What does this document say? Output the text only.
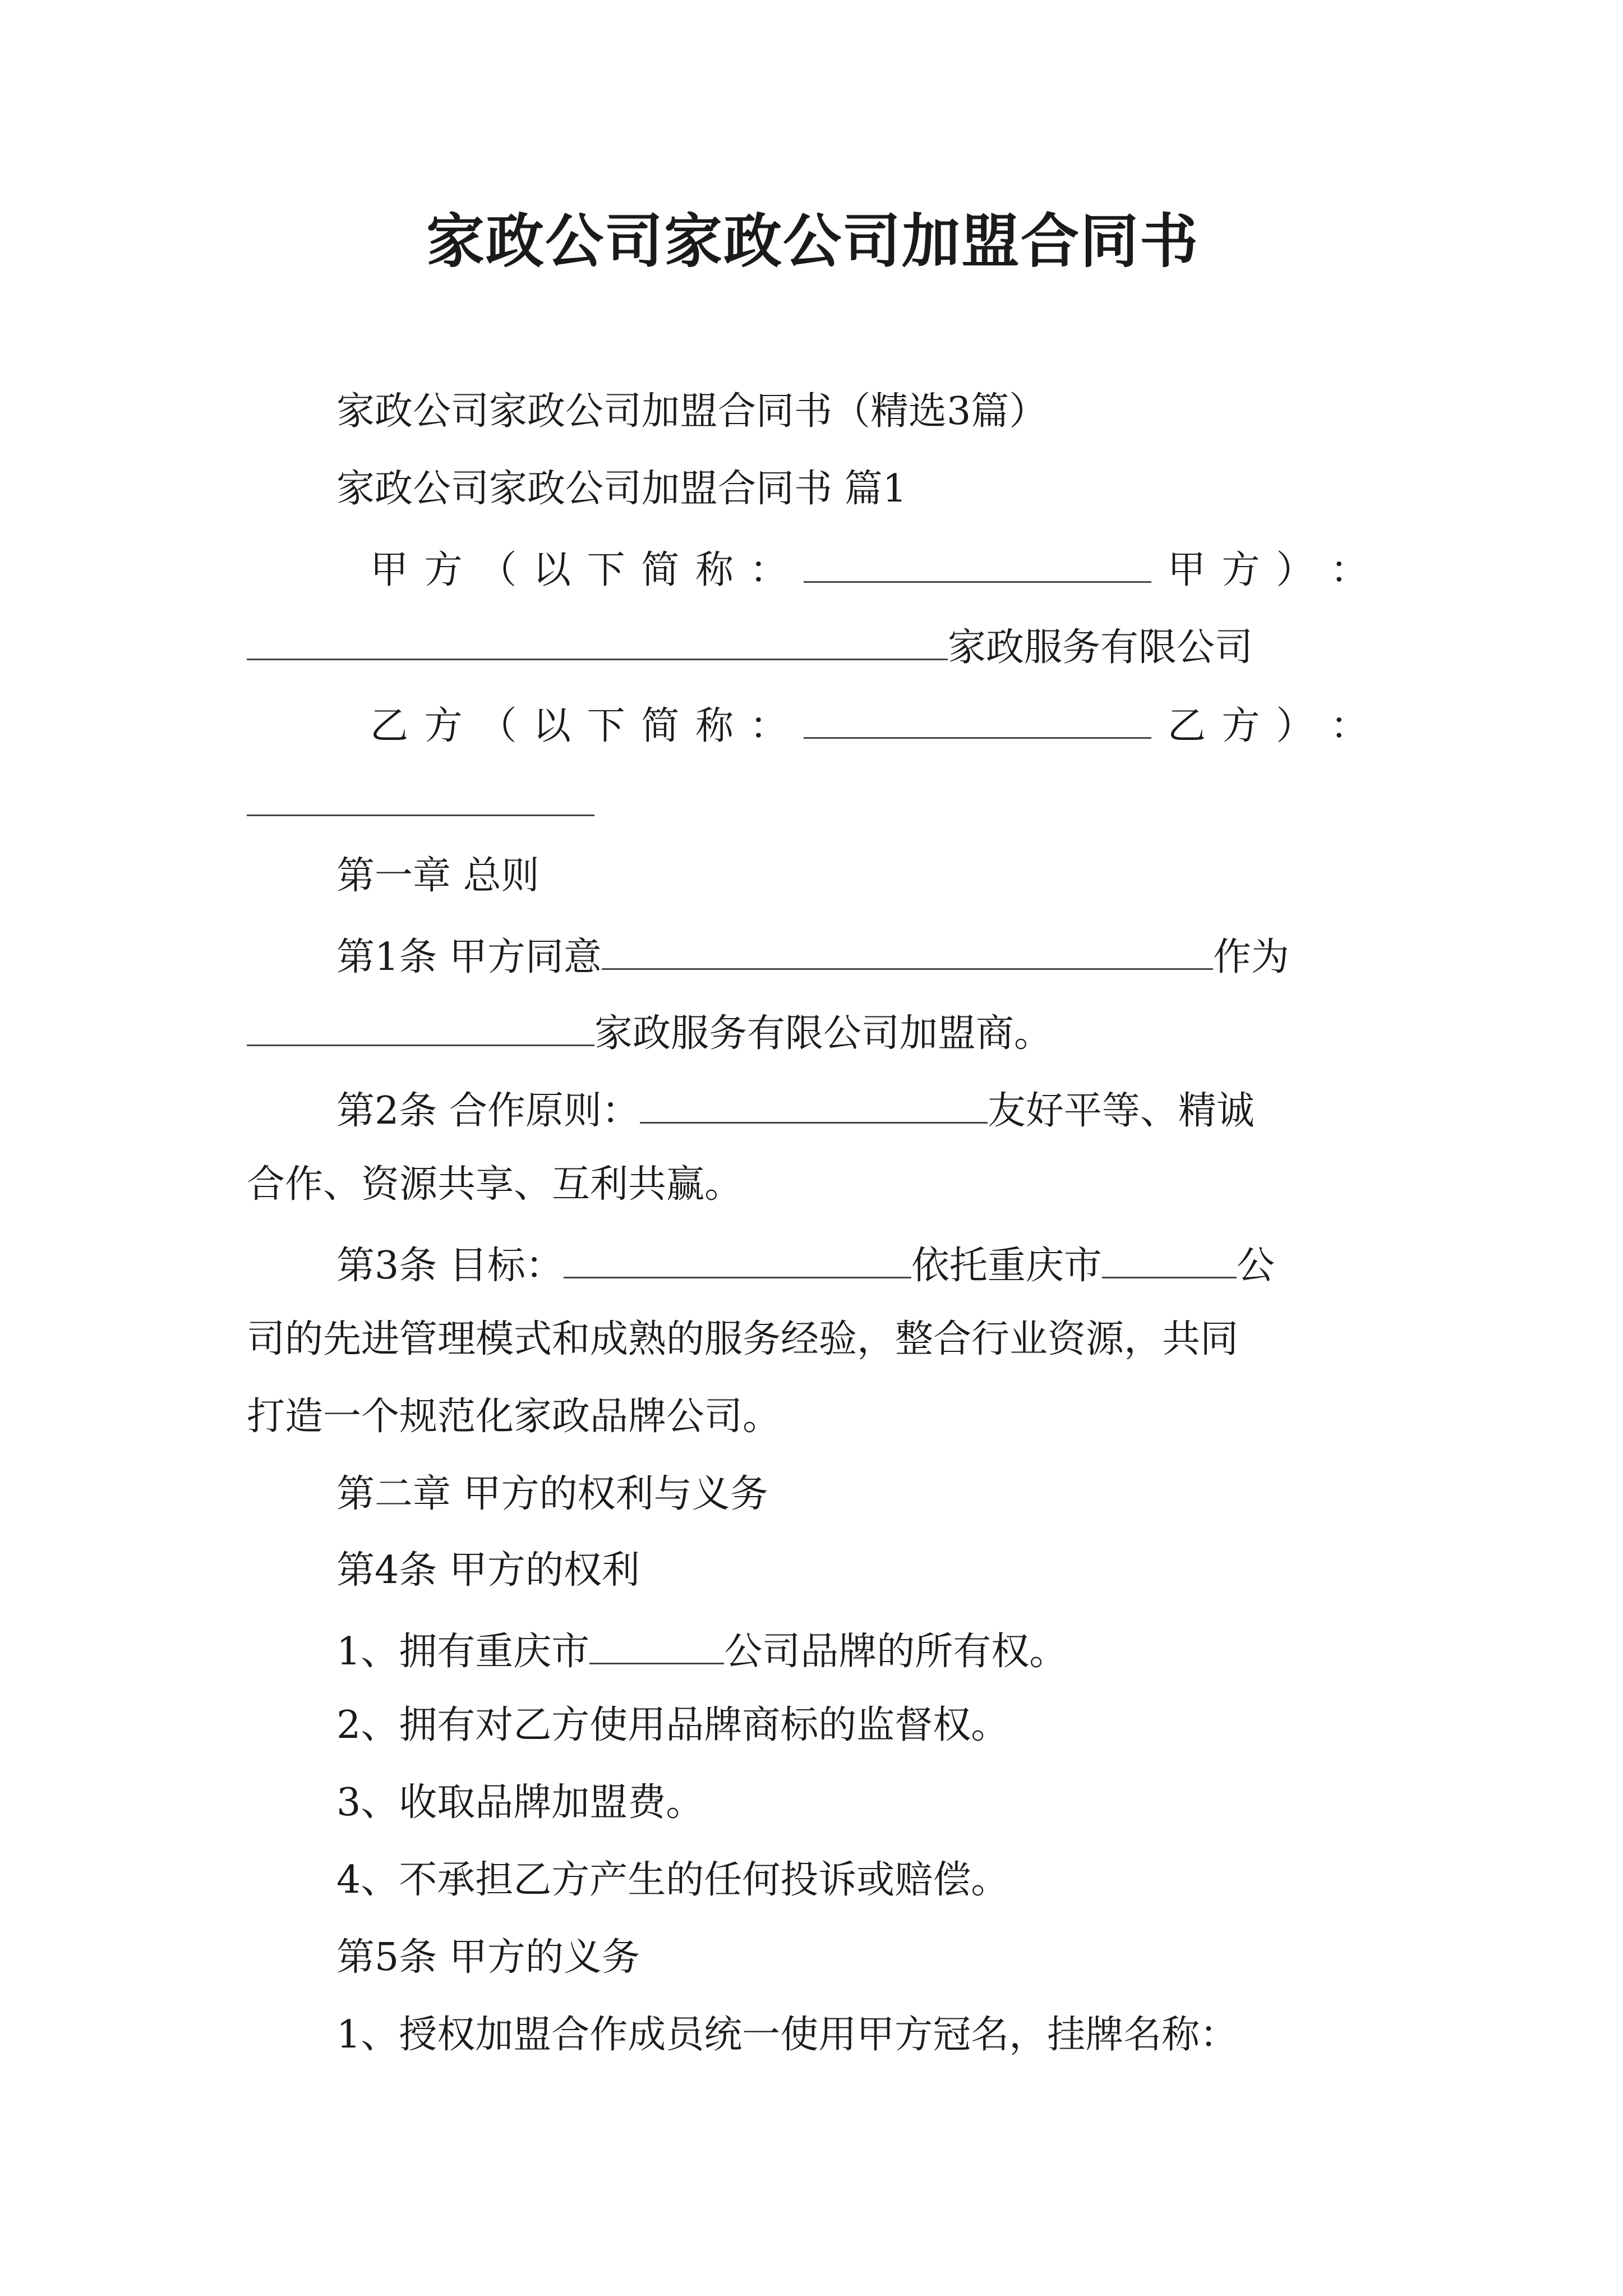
家政公司家政公司加盟合同书
家政公司家政公司加盟合同书（精选3篇）
家政公司家政公司加盟合同书 篇1
甲 方 （ 以 下 简 称 ：	甲 方 ） ：
家政服务有限公司
乙 方 （ 以 下 简 称 ：	乙 方 ） ：
第一章 总则
第1条 甲方同意	作为
家政服务有限公司加盟商。
第2条 合作原则：	友好平等、精诚
合作、资源共享、互利共赢。
第3条 目标：	依托重庆市	公
司的先进管理模式和成熟的服务经验，整合行业资源，共同
打造一个规范化家政品牌公司。
第二章 甲方的权利与义务
第4条 甲方的权利
1、拥有重庆市	公司品牌的所有权。
2、拥有对乙方使用品牌商标的监督权。
3、收取品牌加盟费。
4、不承担乙方产生的任何投诉或赔偿。
第5条 甲方的义务
1、授权加盟合作成员统一使用甲方冠名，挂牌名称：
